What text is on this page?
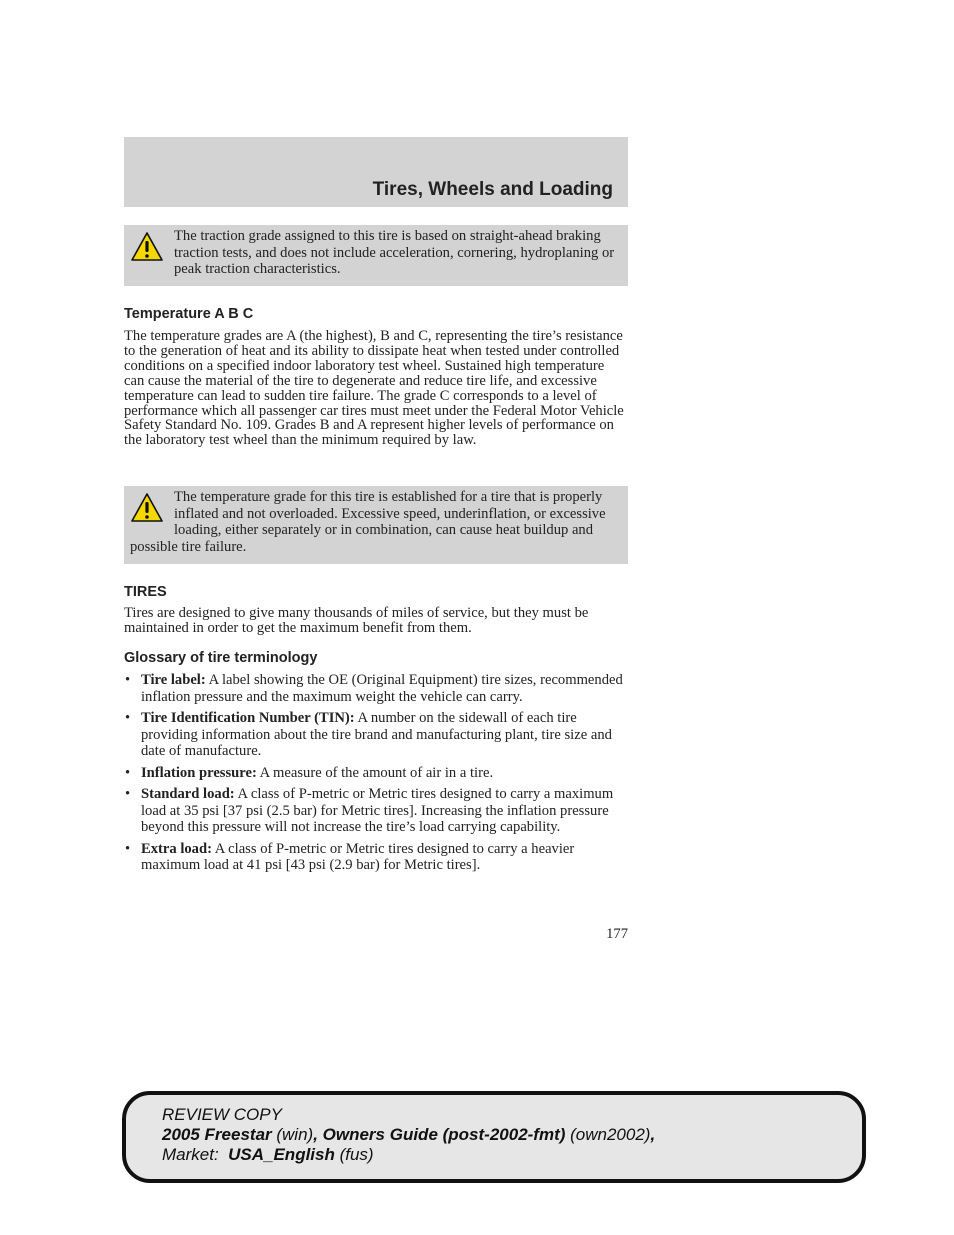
Tires, Wheels and Loading

The traction grade assigned to this tire is based on straight-ahead braking traction tests, and does not include acceleration, cornering, hydroplaning or peak traction characteristics.

Temperature A B C

The temperature grades are A (the highest), B and C, representing the tire’s resistance to the generation of heat and its ability to dissipate heat when tested under controlled conditions on a specified indoor laboratory test wheel. Sustained high temperature can cause the material of the tire to degenerate and reduce tire life, and excessive temperature can lead to sudden tire failure. The grade C corresponds to a level of performance which all passenger car tires must meet under the Federal Motor Vehicle Safety Standard No. 109. Grades B and A represent higher levels of performance on the laboratory test wheel than the minimum required by law.

The temperature grade for this tire is established for a tire that is properly inflated and not overloaded. Excessive speed, underinflation, or excessive loading, either separately or in combination, can cause heat buildup and possible tire failure.

TIRES

Tires are designed to give many thousands of miles of service, but they must be maintained in order to get the maximum benefit from them.

Glossary of tire terminology
• Tire label: A label showing the OE (Original Equipment) tire sizes, recommended inflation pressure and the maximum weight the vehicle can carry.
• Tire Identification Number (TIN): A number on the sidewall of each tire providing information about the tire brand and manufacturing plant, tire size and date of manufacture.
• Inflation pressure: A measure of the amount of air in a tire.
• Standard load: A class of P-metric or Metric tires designed to carry a maximum load at 35 psi [37 psi (2.5 bar) for Metric tires]. Increasing the inflation pressure beyond this pressure will not increase the tire’s load carrying capability.
• Extra load: A class of P-metric or Metric tires designed to carry a heavier maximum load at 41 psi [43 psi (2.9 bar) for Metric tires].
177
REVIEW COPY
2005 Freestar (win), Owners Guide (post-2002-fmt) (own2002),
Market:  USA_English (fus)
